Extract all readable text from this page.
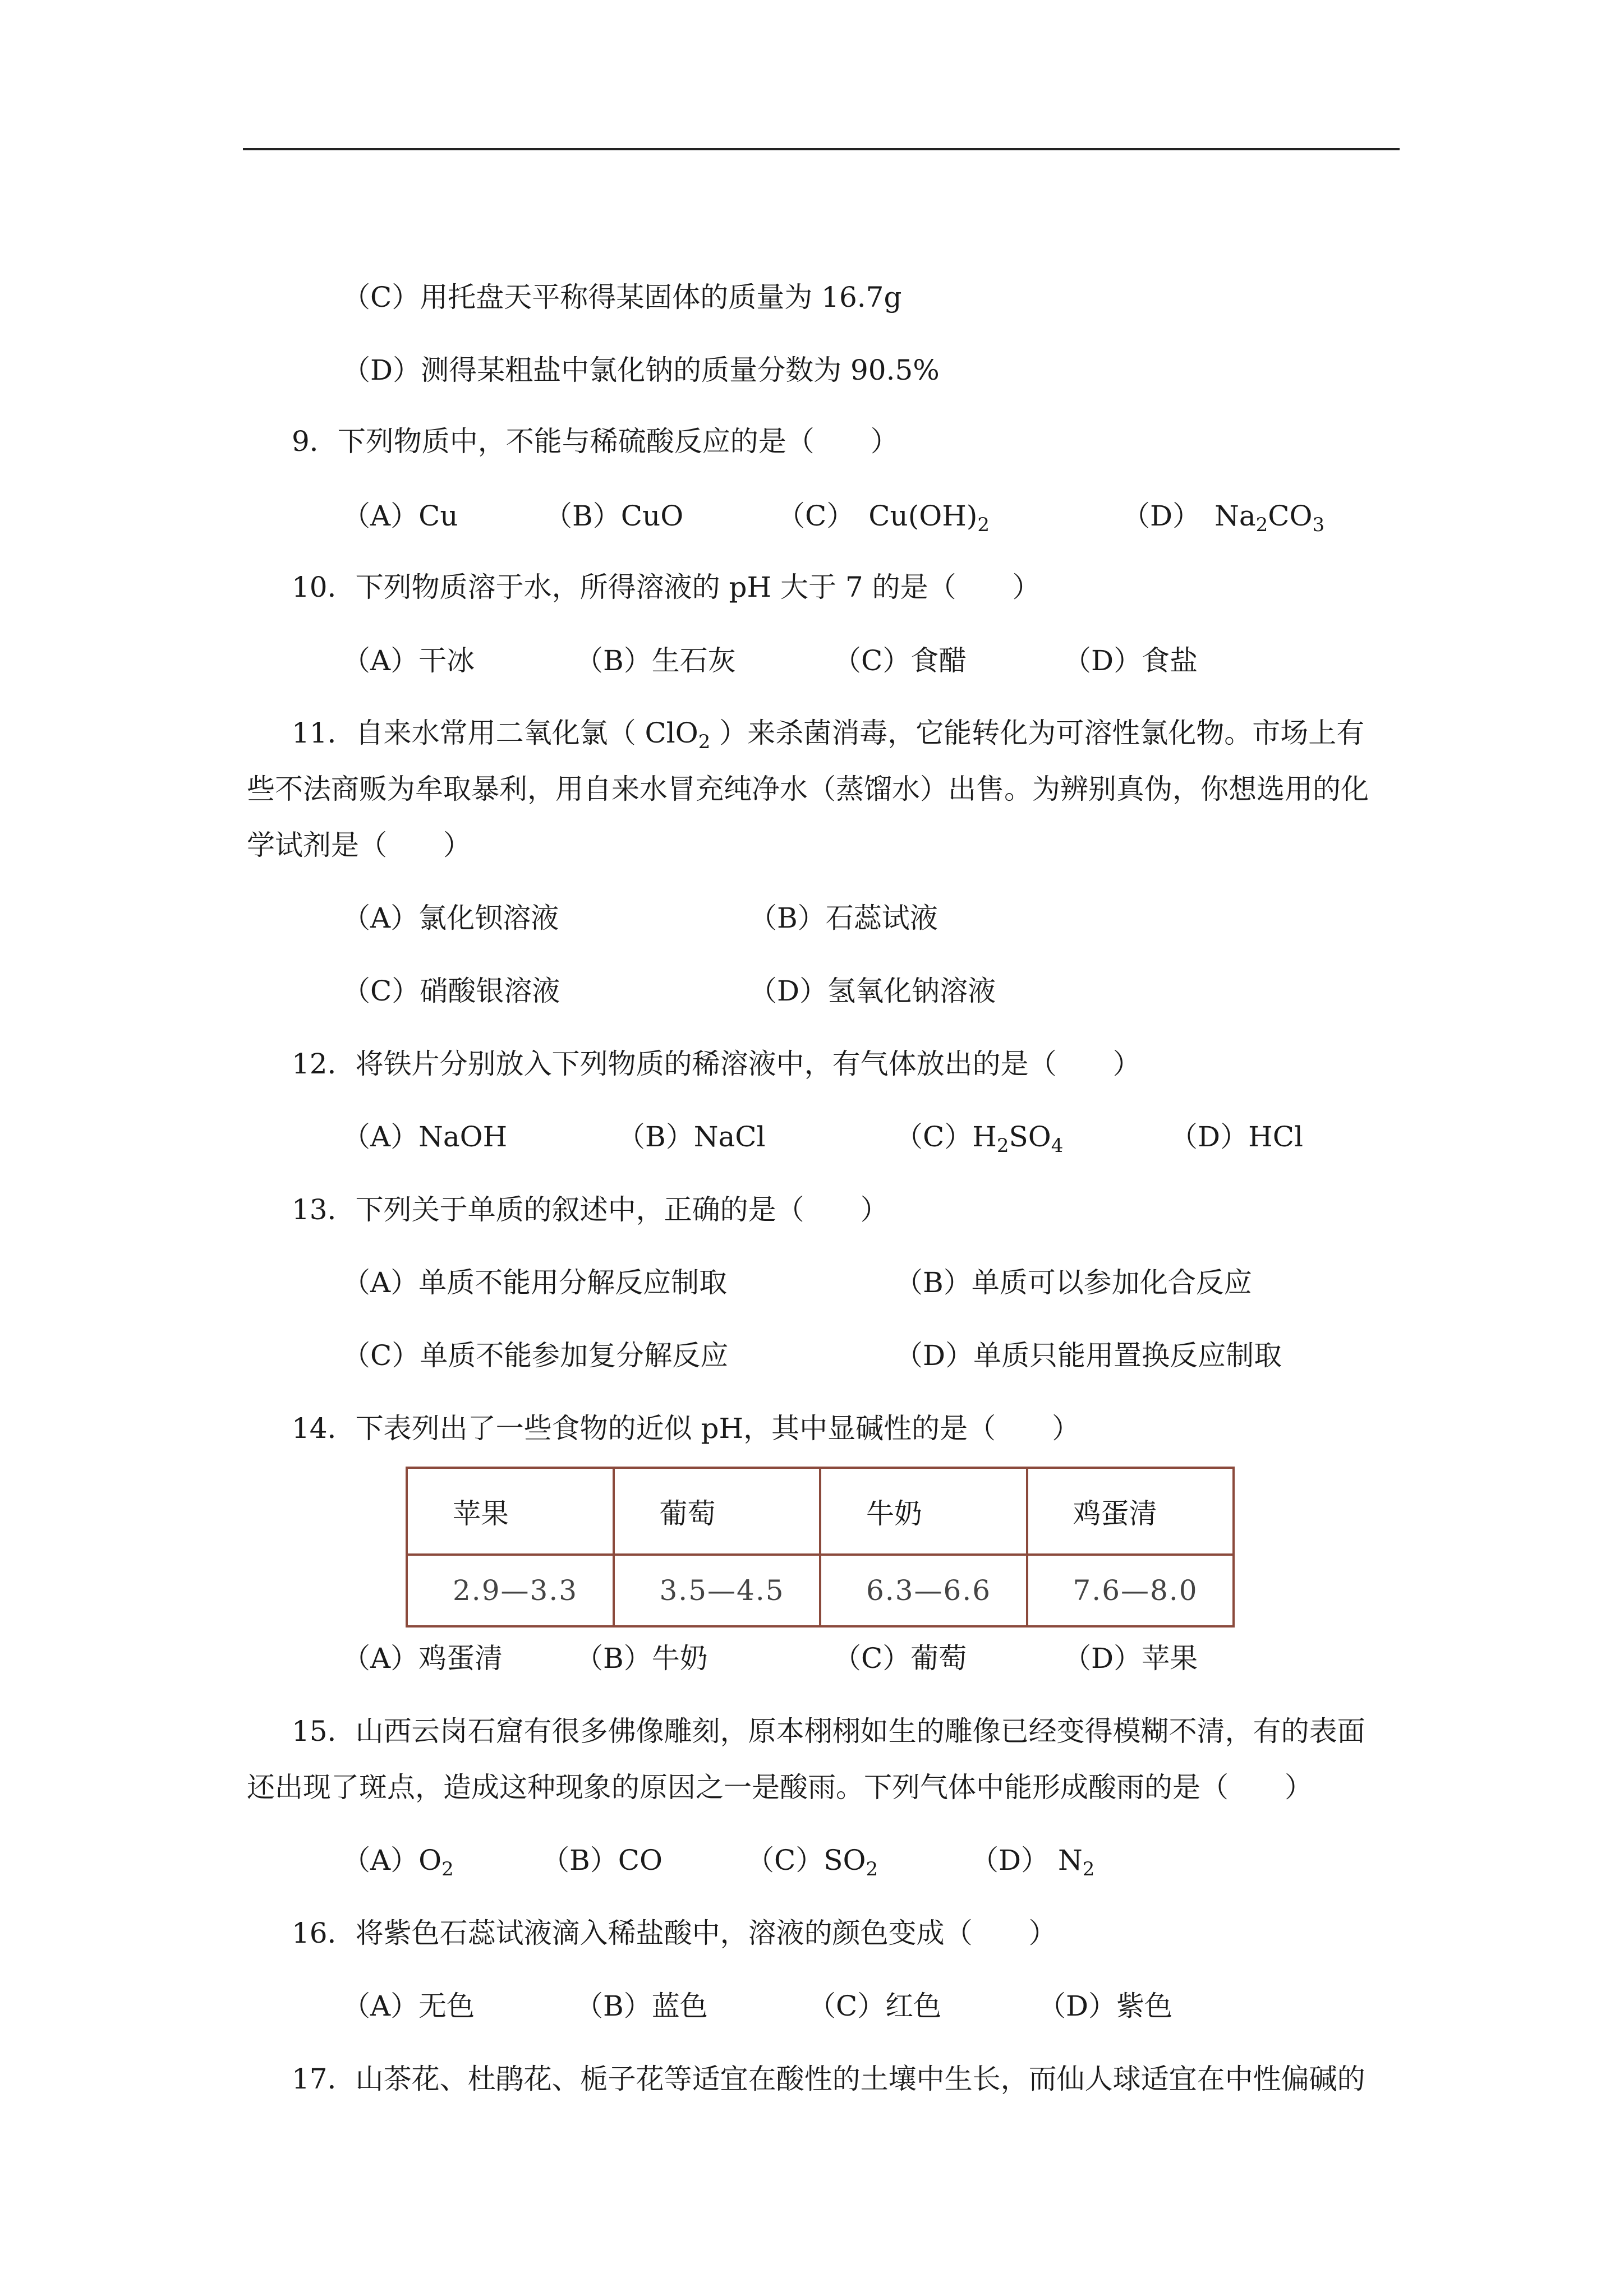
（C）用托盘天平称得某固体的质量为 16.7g
（D）测得某粗盐中氯化钠的质量分数为 90.5%
9．下列物质中，不能与稀硫酸反应的是（　　）
（A）Cu	（B）CuO	（C）　$Cu(OH)_2$	（D）　$Na_2CO_3$
10．下列物质溶于水，所得溶液的 pH 大于 7 的是（　　）
（A）干冰	（B）生石灰	（C）食醋	（D）食盐
11．自来水常用二氧化氯（ ClO$_2$ ）来杀菌消毒，它能转化为可溶性氯化物。市场上有
些不法商贩为牟取暴利，用自来水冒充纯净水（蒸馏水）出售。为辨别真伪，你想选用的化
学试剂是（　　）
（A）氯化钡溶液	（B）石蕊试液
（C）硝酸银溶液	（D）氢氧化钠溶液
12．将铁片分别放入下列物质的稀溶液中，有气体放出的是（　　）
（A）NaOH	（B）NaCl	$(C)H_2SO_4$	（D）HCl
13．下列关于单质的叙述中，正确的是（　　）
（A）单质不能用分解反应制取	（B）单质可以参加化合反应
（C）单质不能参加复分解反应	（D）单质只能用置换反应制取
14．下表列出了一些食物的近似 pH，其中显碱性的是（　　）
苹果	葡萄	牛奶	鸡蛋清
2.9—3.3	3.5—4.5	6.3—6.6	7.6—8.0
（A）鸡蛋清	（B）牛奶	（C）葡萄	（D）苹果
15．山西云岗石窟有很多佛像雕刻，原本栩栩如生的雕像已经变得模糊不清，有的表面
还出现了斑点，造成这种现象的原因之一是酸雨。下列气体中能形成酸雨的是（　　）
$(A)O_2$	（B）CO	$(C)SO_2$	（D） $N_2$
16．将紫色石蕊试液滴入稀盐酸中，溶液的颜色变成（　　）
（A）无色	（B）蓝色	（C）红色	（D）紫色
17．山茶花、杜鹃花、栀子花等适宜在酸性的土壤中生长，而仙人球适宜在中性偏碱的
